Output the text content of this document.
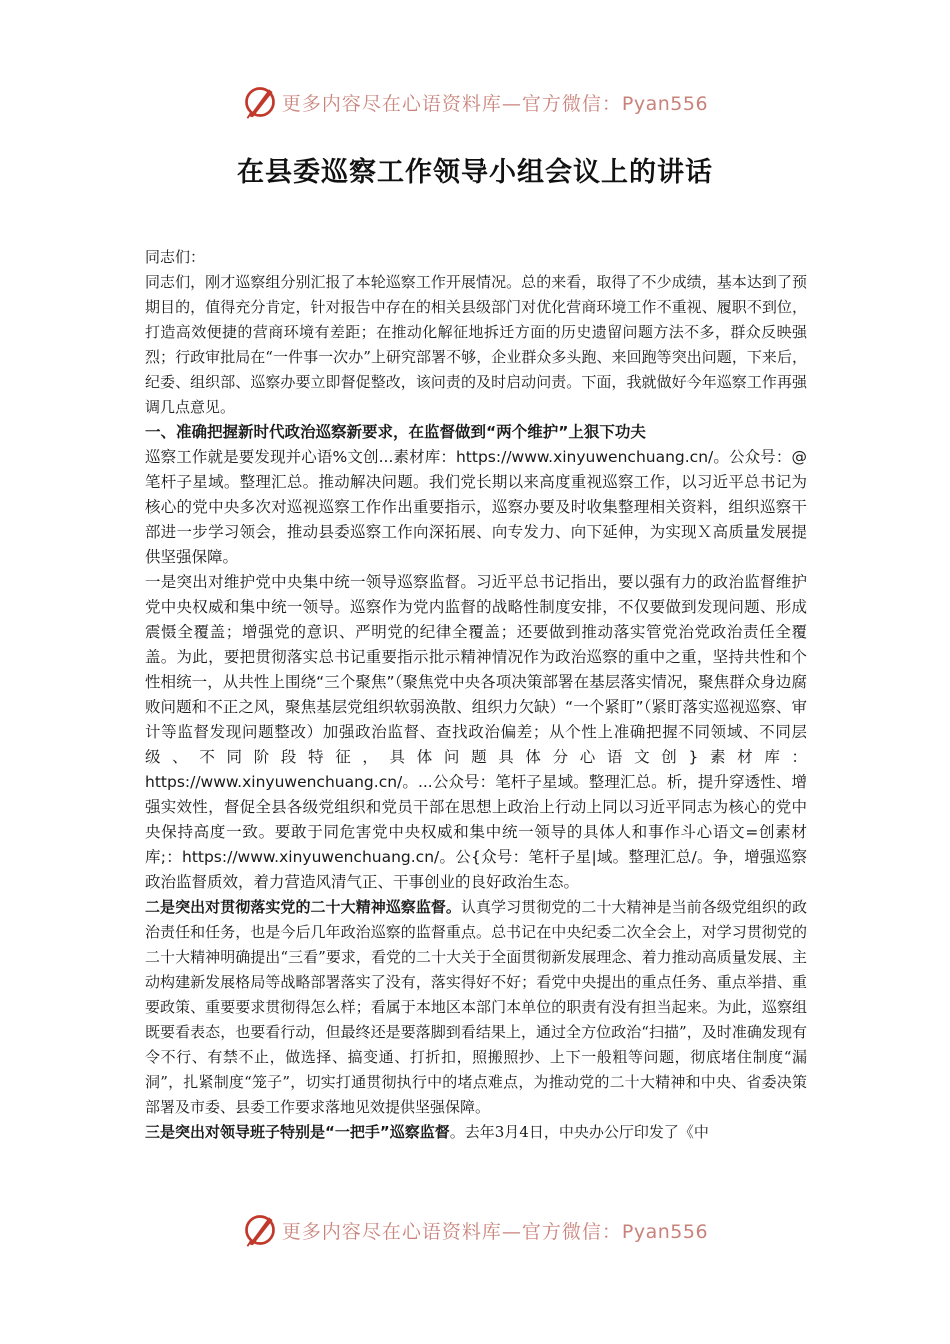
更多内容尽在心语资料库—官方微信：Pyan556
在县委巡察工作领导小组会议上的讲话

同志们：

同志们，刚才巡察组分别汇报了本轮巡察工作开展情况。总的来看，取得了不少成绩，基本达到了预期目的，值得充分肯定，针对报告中存在的相关县级部门对优化营商环境工作不重视、履职不到位，打造高效便捷的营商环境有差距；在推动化解征地拆迁方面的历史遗留问题方法不多，群众反映强烈；行政审批局在“一件事一次办”上研究部署不够，企业群众多头跑、来回跑等突出问题，下来后，纪委、组织部、巡察办要立即督促整改，该问责的及时启动问责。下面，我就做好今年巡察工作再强调几点意见。

一、准确把握新时代政治巡察新要求，在监督做到“两个维护”上狠下功夫

巡察工作就是要发现并心语%文创...素材库：https://www.xinyuwenchuang.cn/。公众号：@笔杆子星域。整理汇总。推动解决问题。我们党长期以来高度重视巡察工作，以习近平总书记为核心的党中央多次对巡视巡察工作作出重要指示，巡察办要及时收集整理相关资料，组织巡察干部进一步学习领会，推动县委巡察工作向深拓展、向专发力、向下延伸，为实现Ｘ高质量发展提供坚强保障。

一是突出对维护党中央集中统一领导巡察监督。习近平总书记指出，要以强有力的政治监督维护党中央权威和集中统一领导。巡察作为党内监督的战略性制度安排，不仅要做到发现问题、形成震慑全覆盖；增强党的意识、严明党的纪律全覆盖；还要做到推动落实管党治党政治责任全覆盖。为此，要把贯彻落实总书记重要指示批示精神情况作为政治巡察的重中之重，坚持共性和个性相统一，从共性上围绕“三个聚焦”（聚焦党中央各项决策部署在基层落实情况，聚焦群众身边腐败问题和不正之风，聚焦基层党组织软弱涣散、组织力欠缺）“一个紧盯”（紧盯落实巡视巡察、审计等监督发现问题整改）加强政治监督、查找政治偏差；从个性上准确把握不同领域、不同层级、不同阶段特征，具体问题具体分心语文创}素材库：https://www.xinyuwenchuang.cn/。...公众号：笔杆子星域。整理汇总。析，提升穿透性、增强实效性，督促全县各级党组织和党员干部在思想上政治上行动上同以习近平同志为核心的党中央保持高度一致。要敢于同危害党中央权威和集中统一领导的具体人和事作斗心语文=创素材库;：https://www.xinyuwenchuang.cn/。公{众号：笔杆子星|域。整理汇总/。争，增强巡察政治监督质效，着力营造风清气正、干事创业的良好政治生态。

二是突出对贯彻落实党的二十大精神巡察监督。认真学习贯彻党的二十大精神是当前各级党组织的政治责任和任务，也是今后几年政治巡察的监督重点。总书记在中央纪委二次全会上，对学习贯彻党的二十大精神明确提出“三看”要求，看党的二十大关于全面贯彻新发展理念、着力推动高质量发展、主动构建新发展格局等战略部署落实了没有，落实得好不好；看党中央提出的重点任务、重点举措、重要政策、重要要求贯彻得怎么样；看属于本地区本部门本单位的职责有没有担当起来。为此，巡察组既要看表态，也要看行动，但最终还是要落脚到看结果上，通过全方位政治“扫描”，及时准确发现有令不行、有禁不止，做选择、搞变通、打折扣，照搬照抄、上下一般粗等问题，彻底堵住制度“漏洞”，扎紧制度“笼子”，切实打通贯彻执行中的堵点难点，为推动党的二十大精神和中央、省委决策部署及市委、县委工作要求落地见效提供坚强保障。

三是突出对领导班子特别是“一把手”巡察监督。去年3月4日，中央办公厅印发了《中

更多内容尽在心语资料库—官方微信：Pyan556
